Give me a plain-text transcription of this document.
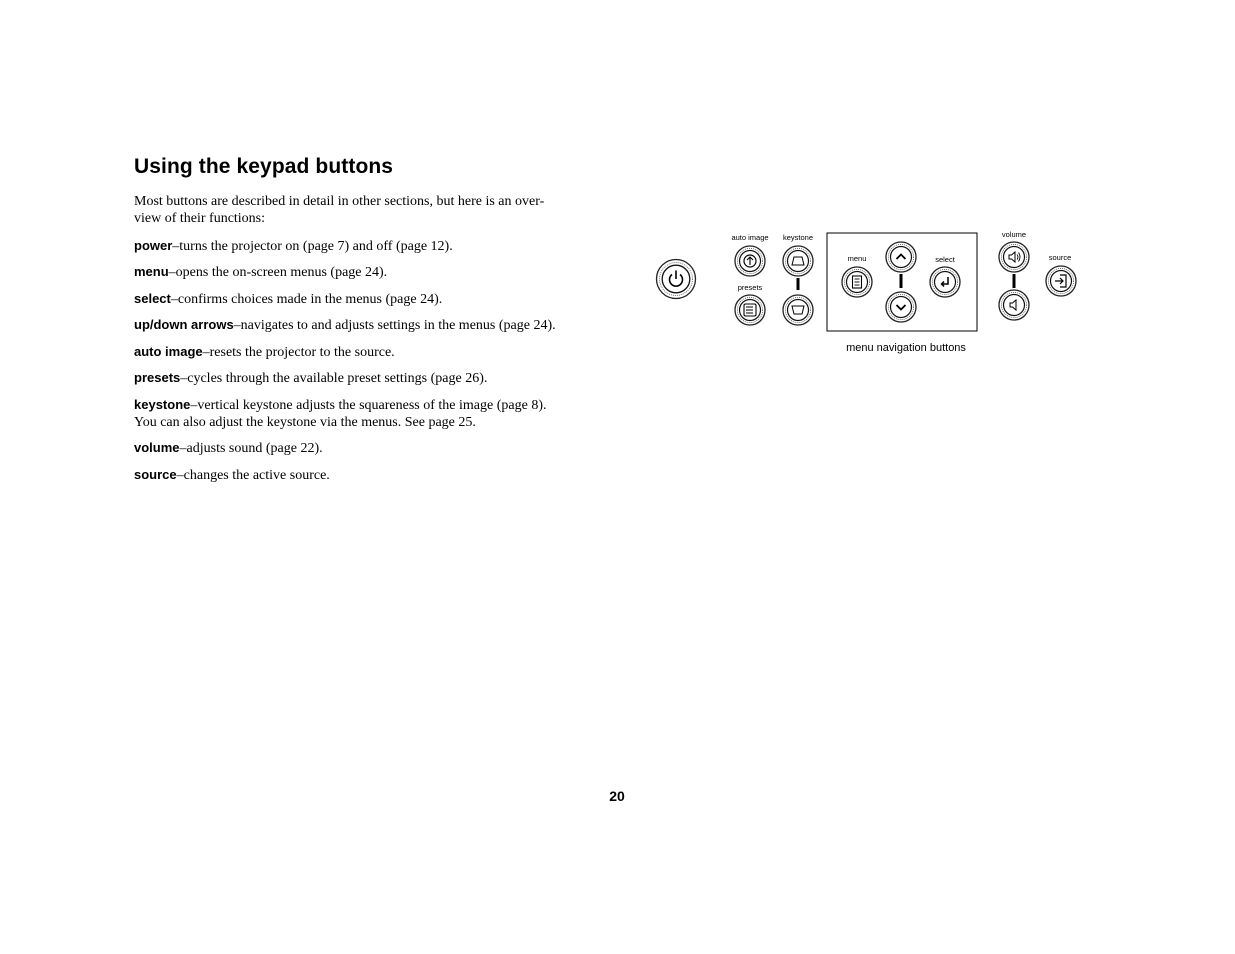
Using the keypad buttons

Most buttons are described in detail in other sections, but here is an over-
view of their functions:

power–turns the projector on (page 7) and off (page 12).

menu–opens the on-screen menus (page 24).

select–confirms choices made in the menus (page 24).

up/down arrows–navigates to and adjusts settings in the menus (page 24).

auto image–resets the projector to the source.

presets–cycles through the available preset settings (page 26).

keystone–vertical keystone adjusts the squareness of the image (page 8).
You can also adjust the keystone via the menus. See page 25.

volume–adjusts sound (page 22).

source–changes the active source.

auto image
presets
keystone
menu	select
menu navigation buttons
volume
source
20
